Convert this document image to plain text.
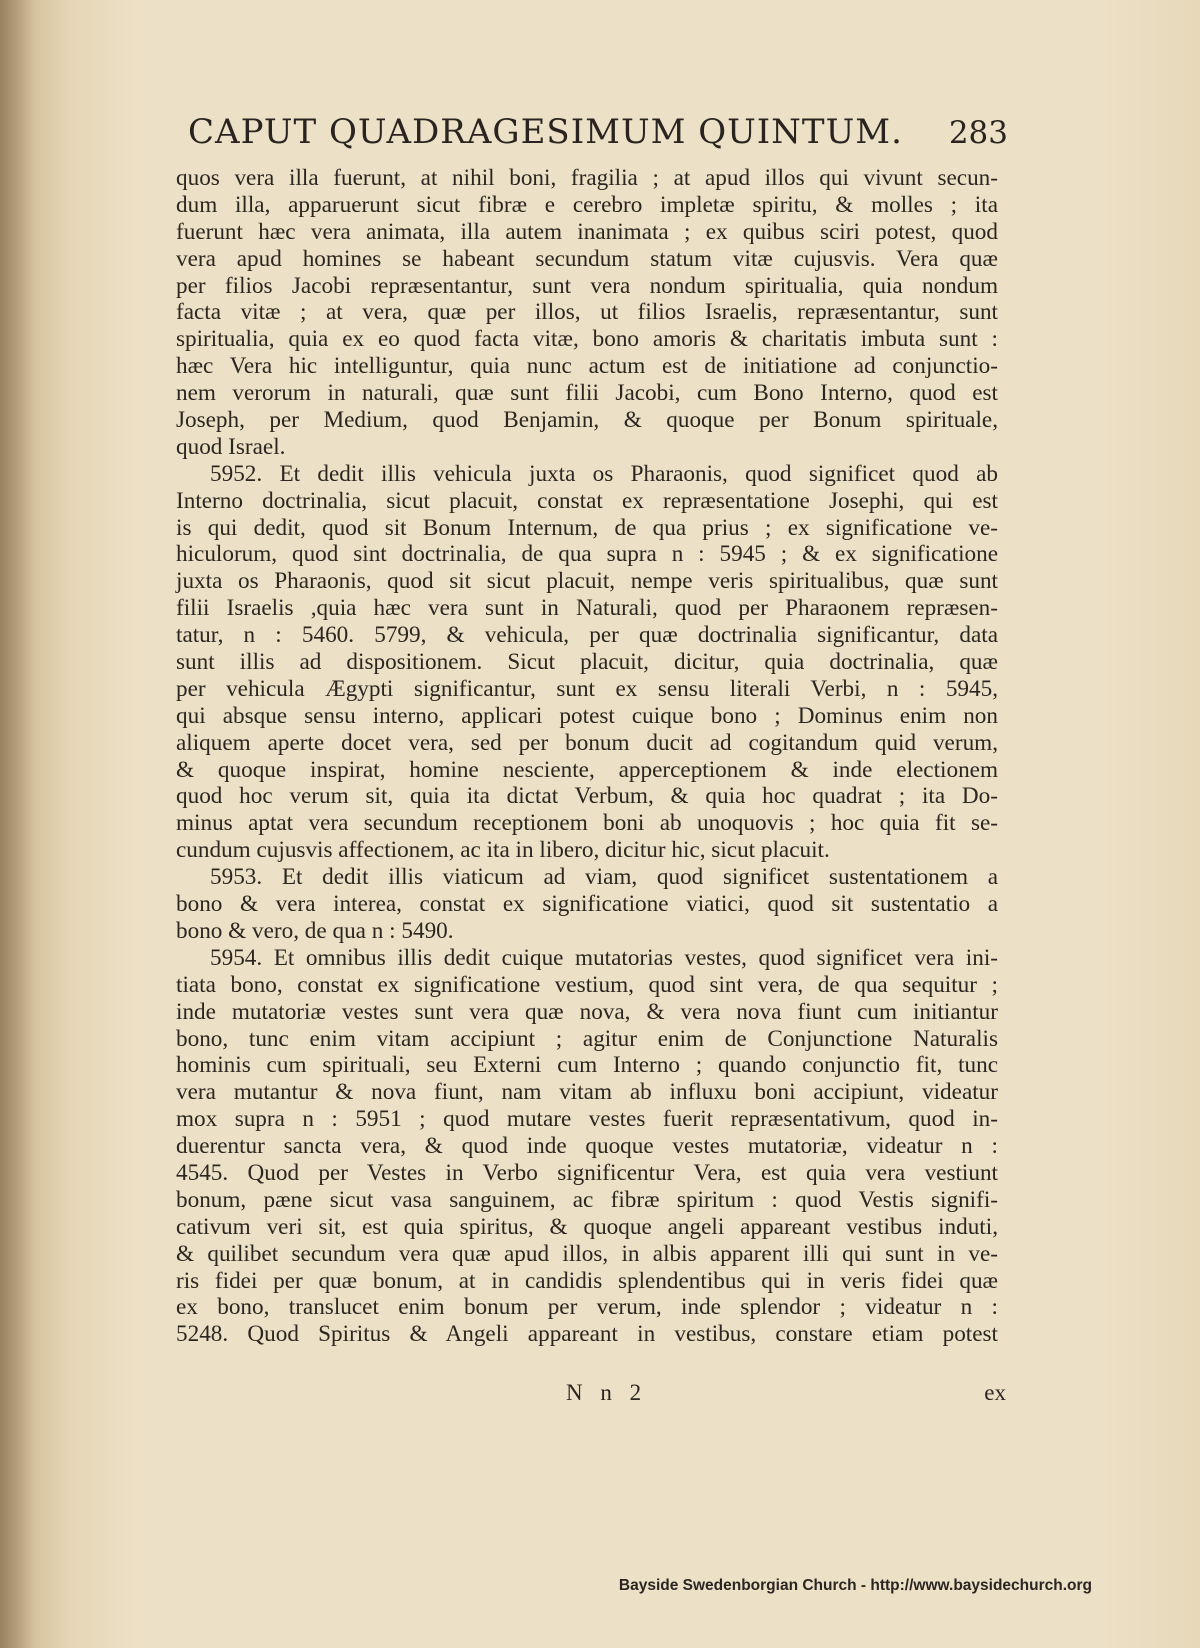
CAPUT QUADRAGESIMUM QUINTUM. 283
quos vera illa fuerunt, at nihil boni, fragilia ; at apud illos qui vivunt secun-
dum illa, apparuerunt sicut fibræ e cerebro impletæ spiritu, & molles ; ita
fuerunt hæc vera animata, illa autem inanimata ; ex quibus sciri potest, quod
vera apud homines se habeant secundum statum vitæ cujusvis. Vera quæ
per filios Jacobi repræsentantur, sunt vera nondum spiritualia, quia nondum
facta vitæ ; at vera, quæ per illos, ut filios Israelis, repræsentantur, sunt
spiritualia, quia ex eo quod facta vitæ, bono amoris & charitatis imbuta sunt :
hæc Vera hic intelliguntur, quia nunc actum est de initiatione ad conjunctio-
nem verorum in naturali, quæ sunt filii Jacobi, cum Bono Interno, quod est
Joseph, per Medium, quod Benjamin, & quoque per Bonum spirituale,
quod Israel.
5952. Et dedit illis vehicula juxta os Pharaonis, quod significet quod ab
Interno doctrinalia, sicut placuit, constat ex repræsentatione Josephi, qui est
is qui dedit, quod sit Bonum Internum, de qua prius ; ex significatione ve-
hiculorum, quod sint doctrinalia, de qua supra n : 5945 ; & ex significatione
juxta os Pharaonis, quod sit sicut placuit, nempe veris spiritualibus, quæ sunt
filii Israelis ,quia hæc vera sunt in Naturali, quod per Pharaonem repræsen-
tatur, n : 5460. 5799, & vehicula, per quæ doctrinalia significantur, data
sunt illis ad dispositionem. Sicut placuit, dicitur, quia doctrinalia, quæ
per vehicula Ægypti significantur, sunt ex sensu literali Verbi, n : 5945,
qui absque sensu interno, applicari potest cuique bono ; Dominus enim non
aliquem aperte docet vera, sed per bonum ducit ad cogitandum quid verum,
& quoque inspirat, homine nesciente, apperceptionem & inde electionem
quod hoc verum sit, quia ita dictat Verbum, & quia hoc quadrat ; ita Do-
minus aptat vera secundum receptionem boni ab unoquovis ; hoc quia fit se-
cundum cujusvis affectionem, ac ita in libero, dicitur hic, sicut placuit.
5953. Et dedit illis viaticum ad viam, quod significet sustentationem a
bono & vera interea, constat ex significatione viatici, quod sit sustentatio a
bono & vero, de qua n : 5490.
5954. Et omnibus illis dedit cuique mutatorias vestes, quod significet vera ini-
tiata bono, constat ex significatione vestium, quod sint vera, de qua sequitur ;
inde mutatoriæ vestes sunt vera quæ nova, & vera nova fiunt cum initiantur
bono, tunc enim vitam accipiunt ; agitur enim de Conjunctione Naturalis
hominis cum spirituali, seu Externi cum Interno ; quando conjunctio fit, tunc
vera mutantur & nova fiunt, nam vitam ab influxu boni accipiunt, videatur
mox supra n : 5951 ; quod mutare vestes fuerit repræsentativum, quod in-
duerentur sancta vera, & quod inde quoque vestes mutatoriæ, videatur n :
4545. Quod per Vestes in Verbo significentur Vera, est quia vera vestiunt
bonum, pæne sicut vasa sanguinem, ac fibræ spiritum : quod Vestis signifi-
cativum veri sit, est quia spiritus, & quoque angeli appareant vestibus induti,
& quilibet secundum vera quæ apud illos, in albis apparent illi qui sunt in ve-
ris fidei per quæ bonum, at in candidis splendentibus qui in veris fidei quæ
ex bono, translucet enim bonum per verum, inde splendor ; videatur n :
5248. Quod Spiritus & Angeli appareant in vestibus, constare etiam potest
N n 2	ex
Bayside Swedenborgian Church - http://www.baysidechurch.org
